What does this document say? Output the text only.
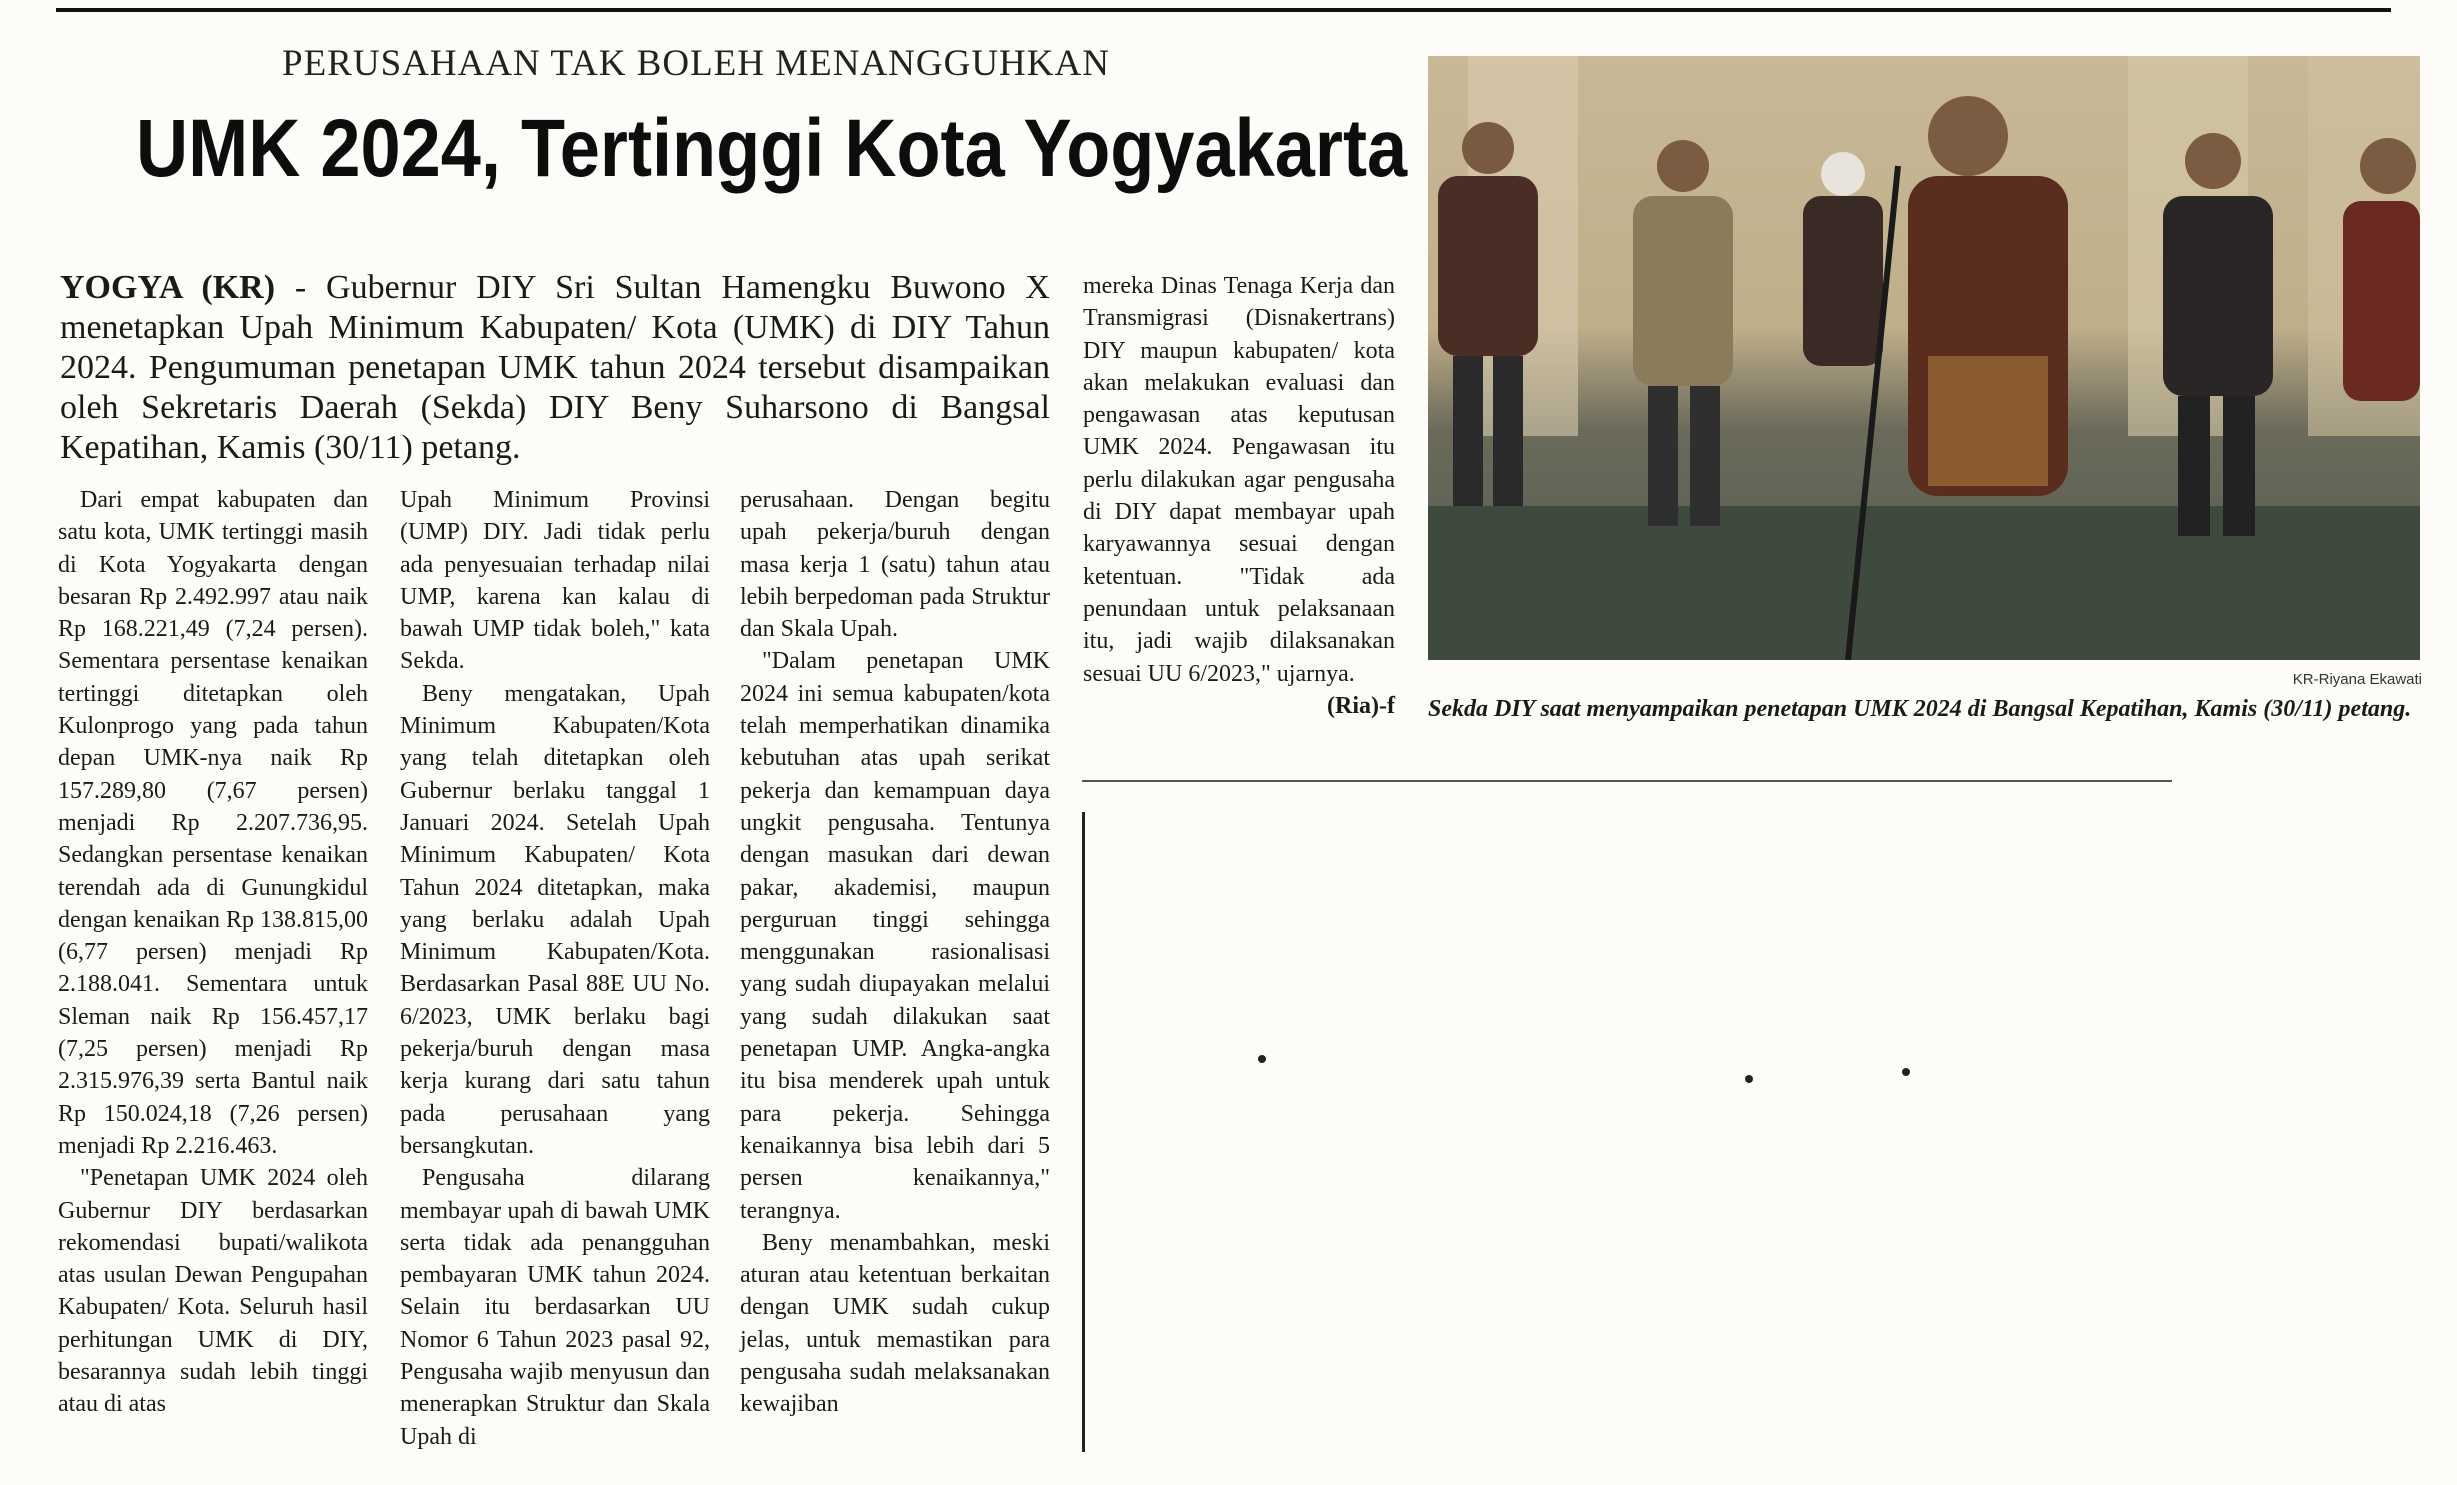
PERUSAHAAN TAK BOLEH MENANGGUHKAN
UMK 2024, Tertinggi Kota Yogyakarta
YOGYA (KR) - Gubernur DIY Sri Sultan Hamengku Buwono X menetapkan Upah Minimum Kabupaten/ Kota (UMK) di DIY Tahun 2024. Pengumuman penetapan UMK tahun 2024 tersebut disampaikan oleh Sekretaris Daerah (Sekda) DIY Beny Suharsono di Bangsal Kepatihan, Kamis (30/11) petang.

Dari empat kabupaten dan satu kota, UMK tertinggi masih di Kota Yogyakarta dengan besaran Rp 2.492.997 atau naik Rp 168.221,49 (7,24 persen). Sementara persentase kenaikan tertinggi ditetapkan oleh Kulonprogo yang pada tahun depan UMK-nya naik Rp 157.289,80 (7,67 persen) menjadi Rp 2.207.736,95. Sedangkan persentase kenaikan terendah ada di Gunungkidul dengan kenaikan Rp 138.815,00 (6,77 persen) menjadi Rp 2.188.041. Sementara untuk Sleman naik Rp 156.457,17 (7,25 persen) menjadi Rp 2.315.976,39 serta Bantul naik Rp 150.024,18 (7,26 persen) menjadi Rp 2.216.463.

"Penetapan UMK 2024 oleh Gubernur DIY berdasarkan rekomendasi bupati/walikota atas usulan Dewan Pengupahan Kabupaten/ Kota. Seluruh hasil perhitungan UMK di DIY, besarannya sudah lebih tinggi atau di atas

Upah Minimum Provinsi (UMP) DIY. Jadi tidak perlu ada penyesuaian terhadap nilai UMP, karena kan kalau di bawah UMP tidak boleh," kata Sekda.

Beny mengatakan, Upah Minimum Kabupaten/Kota yang telah ditetapkan oleh Gubernur berlaku tanggal 1 Januari 2024. Setelah Upah Minimum Kabupaten/ Kota Tahun 2024 ditetapkan, maka yang berlaku adalah Upah Minimum Kabupaten/Kota. Berdasarkan Pasal 88E UU No. 6/2023, UMK berlaku bagi pekerja/buruh dengan masa kerja kurang dari satu tahun pada perusahaan yang bersangkutan.

Pengusaha dilarang membayar upah di bawah UMK serta tidak ada penangguhan pembayaran UMK tahun 2024. Selain itu berdasarkan UU Nomor 6 Tahun 2023 pasal 92, Pengusaha wajib menyusun dan menerapkan Struktur dan Skala Upah di

perusahaan. Dengan begitu upah pekerja/buruh dengan masa kerja 1 (satu) tahun atau lebih berpedoman pada Struktur dan Skala Upah.

"Dalam penetapan UMK 2024 ini semua kabupaten/kota telah memperhatikan dinamika kebutuhan atas upah serikat pekerja dan kemampuan daya ungkit pengusaha. Tentunya dengan masukan dari dewan pakar, akademisi, maupun perguruan tinggi sehingga menggunakan rasionalisasi yang sudah diupayakan melalui yang sudah dilakukan saat penetapan UMP. Angka-angka itu bisa menderek upah untuk para pekerja. Sehingga kenaikannya bisa lebih dari 5 persen kenaikannya," terangnya.

Beny menambahkan, meski aturan atau ketentuan berkaitan dengan UMK sudah cukup jelas, untuk memastikan para pengusaha sudah melaksanakan kewajiban

mereka Dinas Tenaga Kerja dan Transmigrasi (Disnakertrans) DIY maupun kabupaten/ kota akan melakukan evaluasi dan pengawasan atas keputusan UMK 2024. Pengawasan itu perlu dilakukan agar pengusaha di DIY dapat membayar upah karyawannya sesuai dengan ketentuan. "Tidak ada penundaan untuk pelaksanaan itu, jadi wajib dilaksanakan sesuai UU 6/2023," ujarnya.

(Ria)-f
KR-Riyana Ekawati
Sekda DIY saat menyampaikan penetapan UMK 2024 di Bangsal Kepatihan, Kamis (30/11) petang.
